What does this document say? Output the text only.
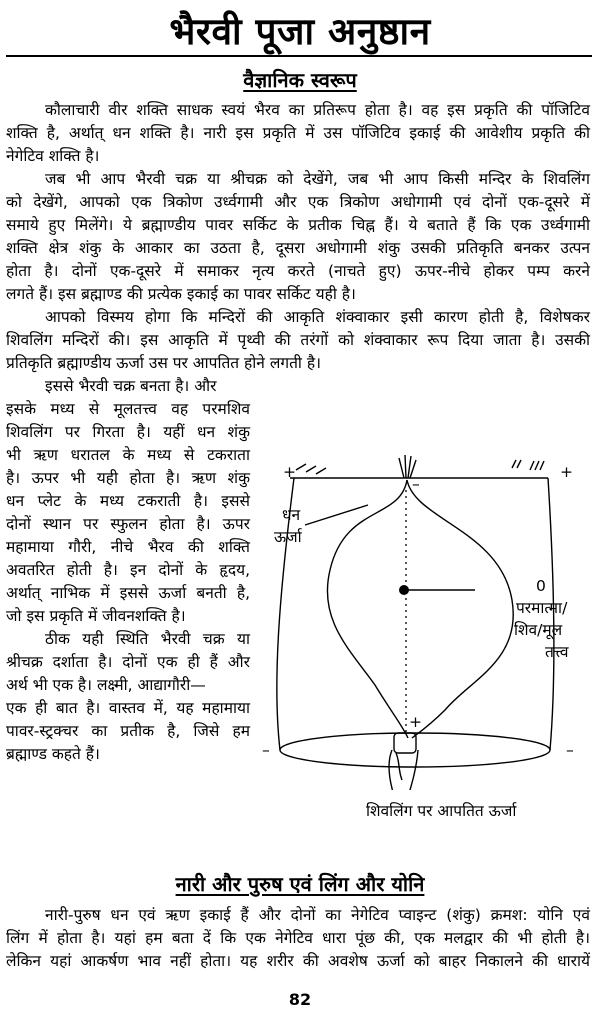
भैरवी पूजा अनुष्ठान
वैज्ञानिक स्वरूप
कौलाचारी वीर शक्ति साधक स्वयं भैरव का प्रतिरूप होता है। वह इस प्रकृति की पॉजिटिव
शक्ति है, अर्थात् धन शक्ति है। नारी इस प्रकृति में उस पॉजिटिव इकाई की आवेशीय प्रकृति की
नेगेटिव शक्ति है।
जब भी आप भैरवी चक्र या श्रीचक्र को देखेंगे, जब भी आप किसी मन्दिर के शिवलिंग
को देखेंगे, आपको एक त्रिकोण उर्ध्वगामी और एक त्रिकोण अधोगामी एवं दोनों एक-दूसरे में
समाये हुए मिलेंगे। ये ब्रह्माण्डीय पावर सर्किट के प्रतीक चिह्न हैं। ये बताते हैं कि एक उर्ध्वगामी
शक्ति क्षेत्र शंकु के आकार का उठता है, दूसरा अधोगामी शंकु उसकी प्रतिकृति बनकर उत्पन
होता है। दोनों एक-दूसरे में समाकर नृत्य करते (नाचते हुए) ऊपर-नीचे होकर पम्प करने
लगते हैं। इस ब्रह्माण्ड की प्रत्येक इकाई का पावर सर्किट यही है।
आपको विस्मय होगा कि मन्दिरों की आकृति शंक्वाकार इसी कारण होती है, विशेषकर
शिवलिंग मन्दिरों की। इस आकृति में पृथ्वी की तरंगों को शंक्वाकार रूप दिया जाता है। उसकी
प्रतिकृति ब्रह्माण्डीय ऊर्जा उस पर आपतित होने लगती है।
इससे भैरवी चक्र बनता है। और
इसके मध्य से मूलतत्त्व वह परमशिव
शिवलिंग पर गिरता है। यहीं धन शंकु
भी ऋण धरातल के मध्य से टकराता
है। ऊपर भी यही होता है। ऋण शंकु
धन प्लेट के मध्य टकराती है। इससे
दोनों स्थान पर स्फुलन होता है। ऊपर
महामाया गौरी, नीचे भैरव की शक्ति
अवतरित होती है। इन दोनों के हृदय,
अर्थात् नाभिक में इससे ऊर्जा बनती है,
जो इस प्रकृति में जीवनशक्ति है।
ठीक यही स्थिति भैरवी चक्र या
श्रीचक्र दर्शाता है। दोनों एक ही हैं और
अर्थ भी एक है। लक्ष्मी, आद्यागौरी—
एक ही बात है। वास्तव में, यह महामाया
पावर-स्ट्रक्चर का प्रतीक है, जिसे हम
ब्रह्माण्ड कहते हैं।
धन
ऊर्जा
0
परमात्मा/
शिव/मूल
तत्त्व
+	+
–
–	–
+
शिवलिंग पर आपतित ऊर्जा
नारी और पुरुष एवं लिंग और योनि
नारी-पुरुष धन एवं ऋण इकाई हैं और दोनों का नेगेटिव प्वाइन्ट (शंकु) क्रमश: योनि एवं
लिंग में होता है। यहां हम बता दें कि एक नेगेटिव धारा पूंछ की, एक मलद्वार की भी होती है।
लेकिन यहां आकर्षण भाव नहीं होता। यह शरीर की अवशेष ऊर्जा को बाहर निकालने की धारायें
82
